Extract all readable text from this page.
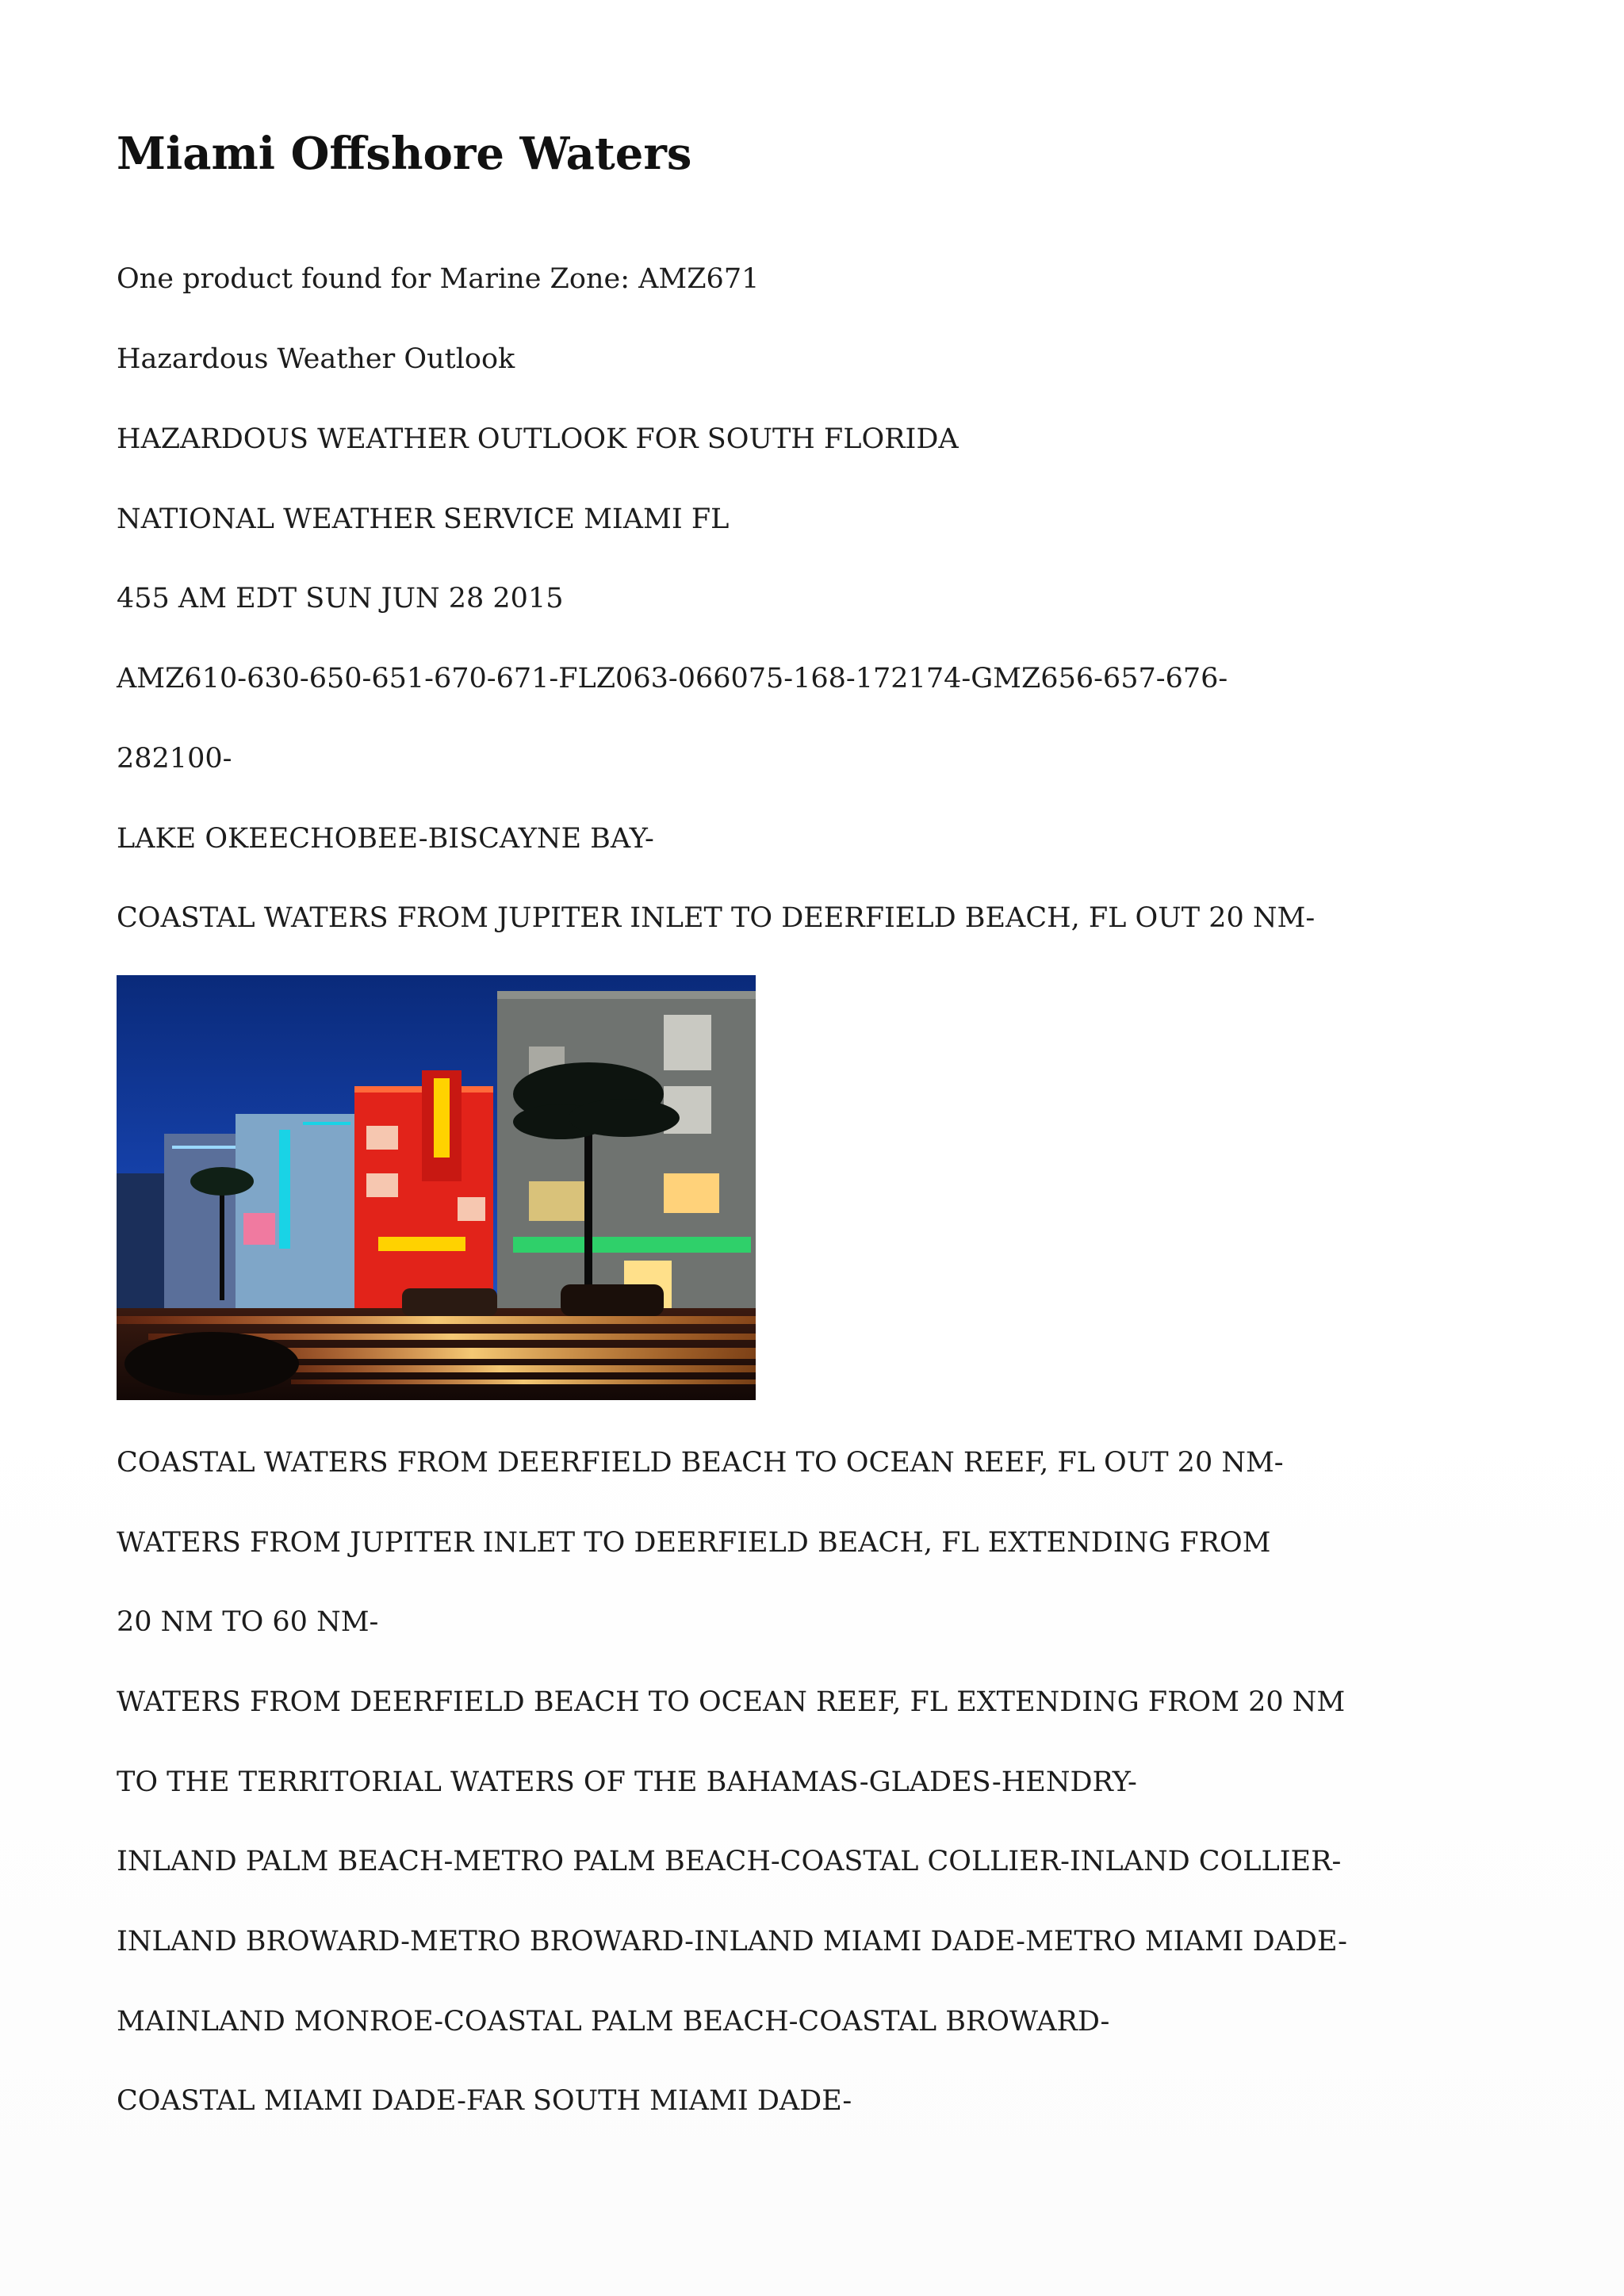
Miami Offshore Waters

One product found for Marine Zone: AMZ671

Hazardous Weather Outlook

HAZARDOUS WEATHER OUTLOOK FOR SOUTH FLORIDA

NATIONAL WEATHER SERVICE MIAMI FL

455 AM EDT SUN JUN 28 2015

AMZ610-630-650-651-670-671-FLZ063-066075-168-172174-GMZ656-657-676-

282100-

LAKE OKEECHOBEE-BISCAYNE BAY-

COASTAL WATERS FROM JUPITER INLET TO DEERFIELD BEACH, FL OUT 20 NM-

COASTAL WATERS FROM DEERFIELD BEACH TO OCEAN REEF, FL OUT 20 NM-

WATERS FROM JUPITER INLET TO DEERFIELD BEACH, FL EXTENDING FROM

20 NM TO 60 NM-

WATERS FROM DEERFIELD BEACH TO OCEAN REEF, FL EXTENDING FROM 20 NM

TO THE TERRITORIAL WATERS OF THE BAHAMAS-GLADES-HENDRY-

INLAND PALM BEACH-METRO PALM BEACH-COASTAL COLLIER-INLAND COLLIER-

INLAND BROWARD-METRO BROWARD-INLAND MIAMI DADE-METRO MIAMI DADE-

MAINLAND MONROE-COASTAL PALM BEACH-COASTAL BROWARD-

COASTAL MIAMI DADE-FAR SOUTH MIAMI DADE-
